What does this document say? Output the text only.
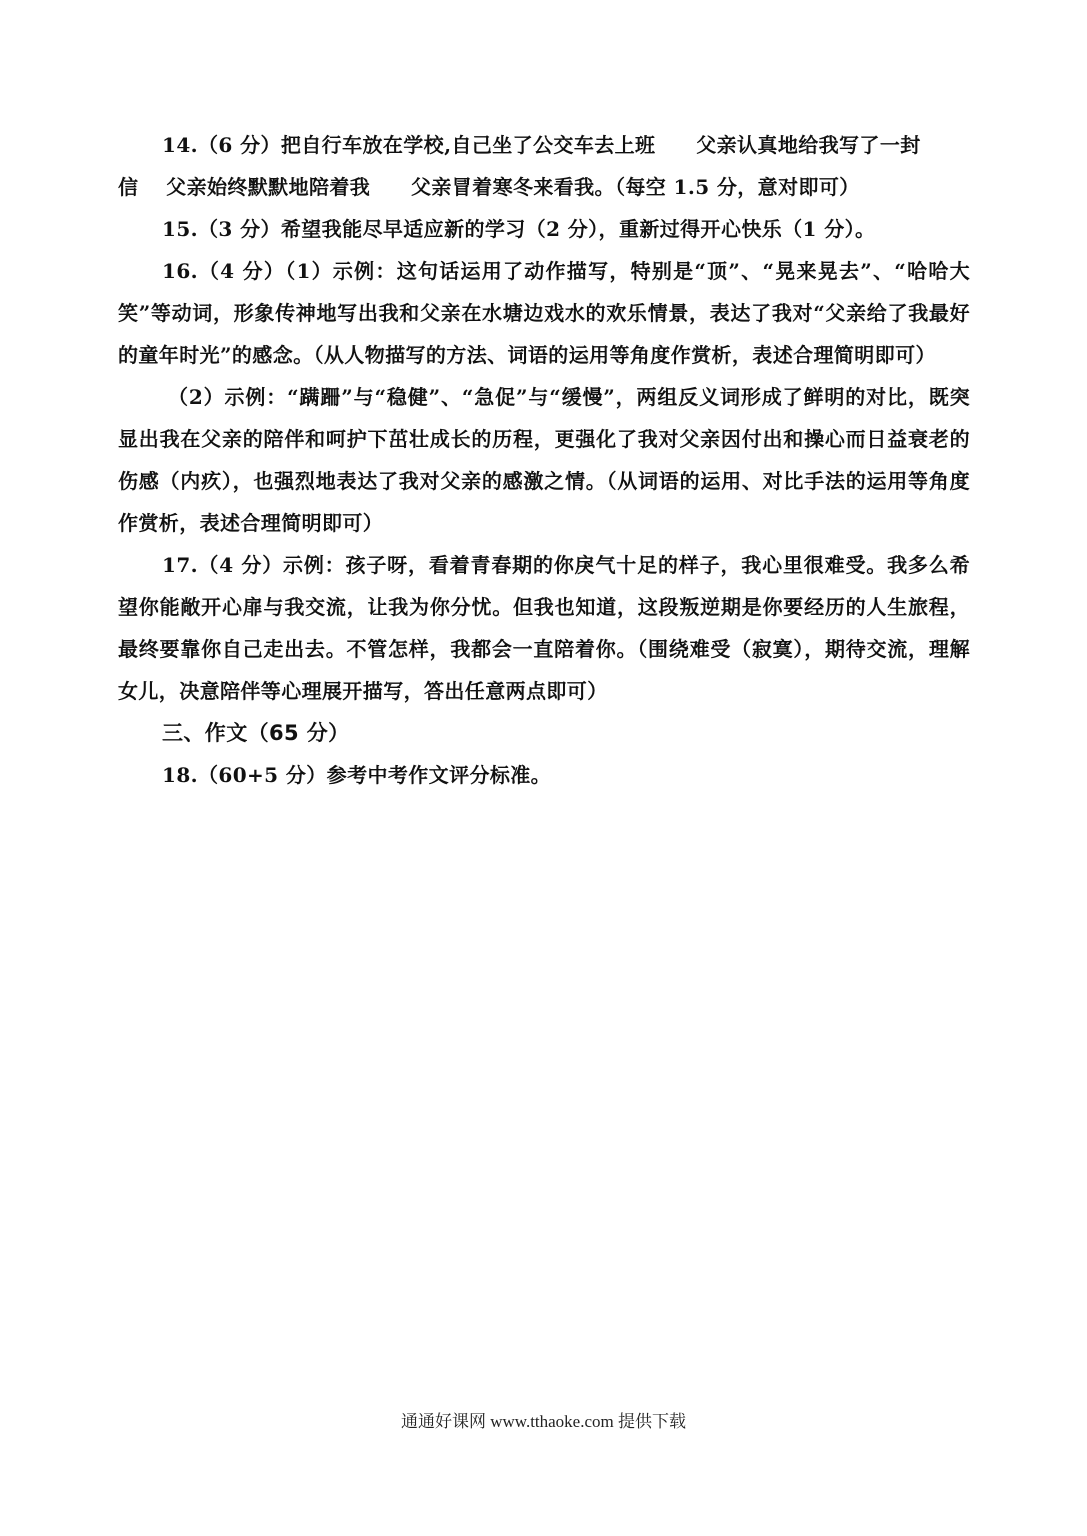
14.（6 分）把自行车放在学校,自己坐了公交车去上班　　父亲认真地给我写了一封

信　 父亲始终默默地陪着我　　父亲冒着寒冬来看我。（每空 1.5 分，意对即可）

15.（3 分）希望我能尽早适应新的学习（2 分），重新过得开心快乐（1 分）。

16.（4 分）（1）示例：这句话运用了动作描写，特别是“顶”、“晃来晃去”、“哈哈大笑”等动词，形象传神地写出我和父亲在水塘边戏水的欢乐情景，表达了我对“父亲给了我最好的童年时光”的感念。（从人物描写的方法、词语的运用等角度作赏析，表述合理简明即可）

（2）示例：“蹒跚”与“稳健”、“急促”与“缓慢”，两组反义词形成了鲜明的对比，既突显出我在父亲的陪伴和呵护下茁壮成长的历程，更强化了我对父亲因付出和操心而日益衰老的伤感（内疚），也强烈地表达了我对父亲的感激之情。（从词语的运用、对比手法的运用等角度作赏析，表述合理简明即可）

17.（4 分）示例：孩子呀，看着青春期的你戾气十足的样子，我心里很难受。我多么希望你能敞开心扉与我交流，让我为你分忧。但我也知道，这段叛逆期是你要经历的人生旅程，最终要靠你自己走出去。不管怎样，我都会一直陪着你。（围绕难受（寂寞），期待交流，理解女儿，决意陪伴等心理展开描写，答出任意两点即可）

三、作文（65 分）

18.（60+5 分）参考中考作文评分标准。

通通好课网 www.tthaoke.com 提供下载
